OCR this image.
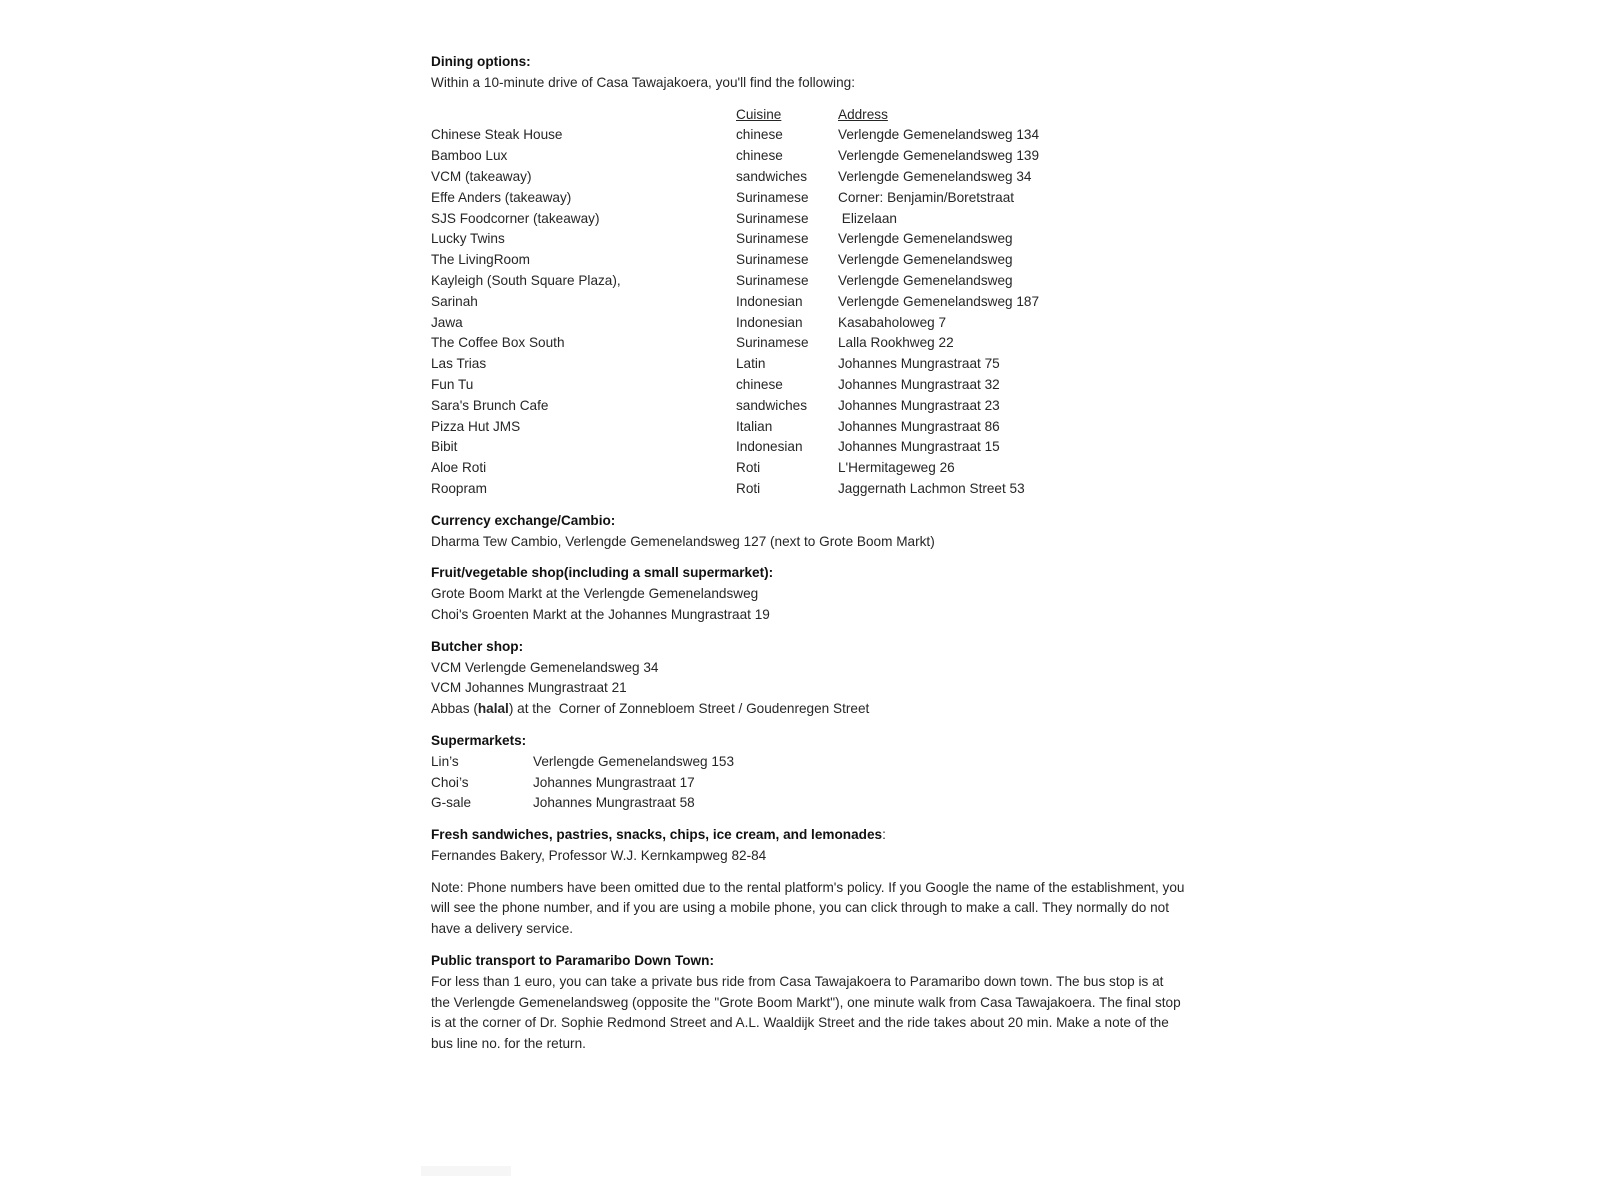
Dining options:
Within a 10-minute drive of Casa Tawajakoera, you'll find the following:
Cuisine	Address
Chinese Steak House	chinese	Verlengde Gemenelandsweg 134
Bamboo Lux	chinese	Verlengde Gemenelandsweg 139
VCM (takeaway)	sandwiches	Verlengde Gemenelandsweg 34
Effe Anders (takeaway)	Surinamese	Corner: Benjamin/Boretstraat
SJS Foodcorner (takeaway)	Surinamese	Elizelaan
Lucky Twins	Surinamese	Verlengde Gemenelandsweg
The LivingRoom	Surinamese	Verlengde Gemenelandsweg
Kayleigh (South Square Plaza),	Surinamese	Verlengde Gemenelandsweg
Sarinah	Indonesian	Verlengde Gemenelandsweg 187
Jawa	Indonesian	Kasabaholoweg 7
The Coffee Box South	Surinamese	Lalla Rookhweg 22
Las Trias	Latin	Johannes Mungrastraat 75
Fun Tu	chinese	Johannes Mungrastraat 32
Sara's Brunch Cafe	sandwiches	Johannes Mungrastraat 23
Pizza Hut JMS	Italian	Johannes Mungrastraat 86
Bibit	Indonesian	Johannes Mungrastraat 15
Aloe Roti	Roti	L'Hermitageweg 26
Roopram	Roti	Jaggernath Lachmon Street 53
Currency exchange/Cambio:
Dharma Tew Cambio, Verlengde Gemenelandsweg 127 (next to Grote Boom Markt)
Fruit/vegetable shop(including a small supermarket):
Grote Boom Markt at the Verlengde Gemenelandsweg
Choi's Groenten Markt at the Johannes Mungrastraat 19
Butcher shop:
VCM Verlengde Gemenelandsweg 34
VCM Johannes Mungrastraat 21
Abbas (halal) at the  Corner of Zonnebloem Street / Goudenregen Street
Supermarkets:
Lin’s	Verlengde Gemenelandsweg 153
Choi’s	Johannes Mungrastraat 17
G-sale	Johannes Mungrastraat 58
Fresh sandwiches, pastries, snacks, chips, ice cream, and lemonades:
Fernandes Bakery, Professor W.J. Kernkampweg 82-84
Note: Phone numbers have been omitted due to the rental platform's policy. If you Google the name of the establishment, you will see the phone number, and if you are using a mobile phone, you can click through to make a call. They normally do not have a delivery service.
Public transport to Paramaribo Down Town:
For less than 1 euro, you can take a private bus ride from Casa Tawajakoera to Paramaribo down town. The bus stop is at the Verlengde Gemenelandsweg (opposite the "Grote Boom Markt"), one minute walk from Casa Tawajakoera. The final stop is at the corner of Dr. Sophie Redmond Street and A.L. Waaldijk Street and the ride takes about 20 min. Make a note of the bus line no. for the return.
